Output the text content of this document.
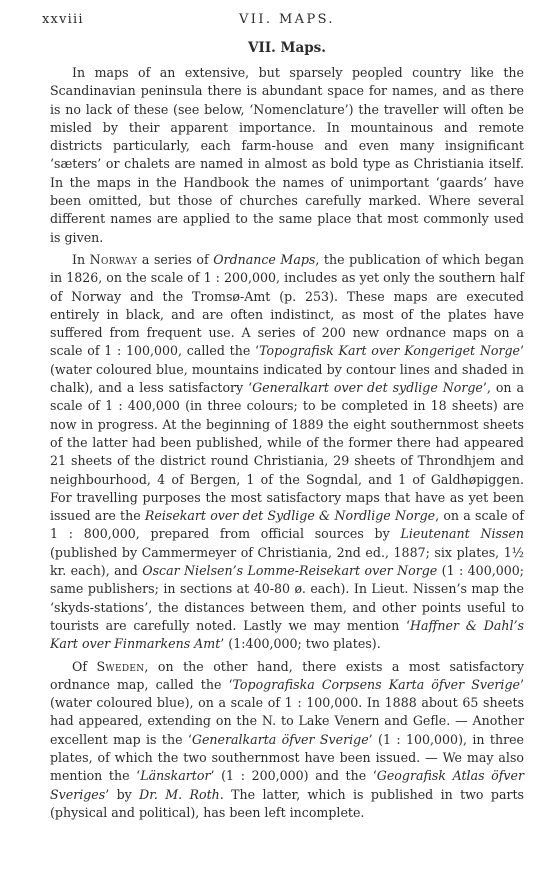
xxviii	VII. MAPS.
VII. Maps.

In maps of an extensive, but sparsely peopled country like the Scandinavian peninsula there is abundant space for names, and as there is no lack of these (see below, ‘Nomenclature’) the traveller will often be misled by their apparent importance. In mountainous and remote districts particularly, each farm-house and even many insignificant ‘sæters’ or chalets are named in almost as bold type as Christiania itself. In the maps in the Handbook the names of unimportant ‘gaards’ have been omitted, but those of churches carefully marked. Where several different names are applied to the same place that most commonly used is given.

In Norway a series of Ordnance Maps, the publication of which began in 1826, on the scale of 1 : 200,000, includes as yet only the southern half of Norway and the Tromsø-Amt (p. 253). These maps are executed entirely in black, and are often indistinct, as most of the plates have suffered from frequent use. A series of 200 new ordnance maps on a scale of 1 : 100,000, called the ‘Topografisk Kart over Kongeriget Norge’ (water coloured blue, mountains indicated by contour lines and shaded in chalk), and a less satisfactory ‘Generalkart over det sydlige Norge’, on a scale of 1 : 400,000 (in three colours; to be completed in 18 sheets) are now in progress. At the beginning of 1889 the eight southernmost sheets of the latter had been published, while of the former there had appeared 21 sheets of the district round Christiania, 29 sheets of Throndhjem and neighbourhood, 4 of Bergen, 1 of the Sogndal, and 1 of Galdhøpiggen. For travelling purposes the most satisfactory maps that have as yet been issued are the Reisekart over det Sydlige & Nordlige Norge, on a scale of 1 : 800,000, prepared from official sources by Lieutenant Nissen (published by Cammermeyer of Christiania, 2nd ed., 1887; six plates, 1½ kr. each), and Oscar Nielsen’s Lomme-Reisekart over Norge (1 : 400,000; same publishers; in sections at 40-80 ø. each). In Lieut. Nissen’s map the ‘skyds-stations’, the distances between them, and other points useful to tourists are carefully noted. Lastly we may mention ‘Haffner & Dahl’s Kart over Finmarkens Amt’ (1:400,000; two plates).

Of Sweden, on the other hand, there exists a most satisfactory ordnance map, called the ‘Topografiska Corpsens Karta öfver Sverige’ (water coloured blue), on a scale of 1 : 100,000. In 1888 about 65 sheets had appeared, extending on the N. to Lake Venern and Gefle. — Another excellent map is the ‘Generalkarta öfver Sverige’ (1 : 100,000), in three plates, of which the two southernmost have been issued. — We may also mention the ‘Länskartor’ (1 : 200,000) and the ‘Geografisk Atlas öfver Sveriges’ by Dr. M. Roth. The latter, which is published in two parts (physical and political), has been left incomplete.
